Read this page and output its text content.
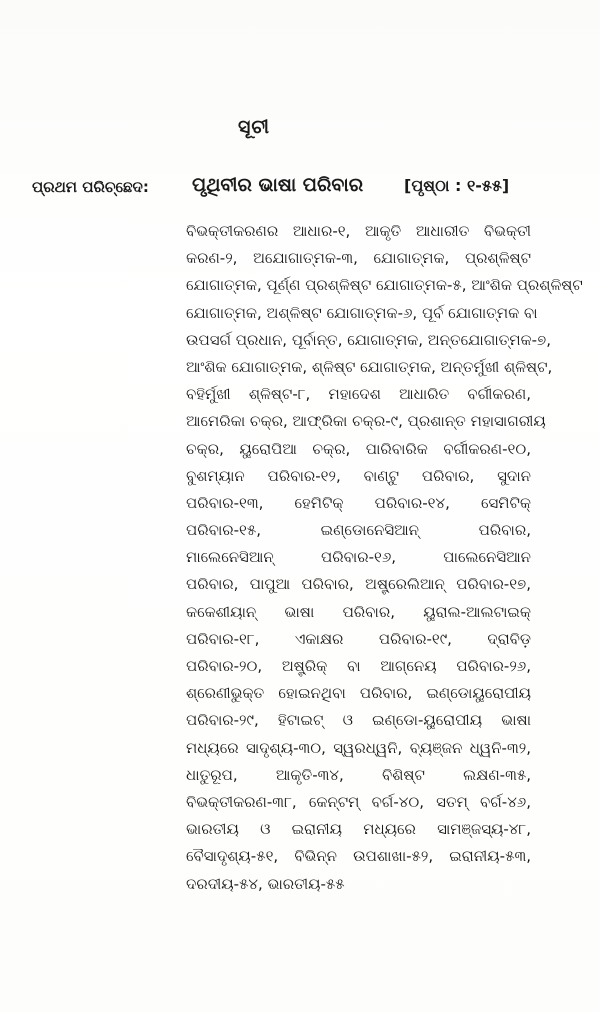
ସୂଚୀ
ପ୍ରଥମ ପରିଚ୍ଛେଦ: ପୃଥିବୀର ଭାଷା ପରିବାର	[ପୃଷ୍ଠା : ୧-୫୫]
ବିଭକ୍ତୀକରଣର ଆଧାର-୧, ଆକୃତି ଆଧାରୀତ ବିଭକ୍ତୀ
କରଣ-୨, ଅଯୋଗାତ୍ମକ-୩, ଯୋଗାତ୍ମକ, ପ୍ରଶ୍ଳିଷ୍ଟ
ଯୋଗାତ୍ମକ, ପୂର୍ଣ୍ଣ ପ୍ରଶ୍ଳିଷ୍ଟ ଯୋଗାତ୍ମକ-୫, ଆଂଶିକ ପ୍ରଶ୍ଳିଷ୍ଟ
ଯୋଗାତ୍ମକ, ଅଶ୍ଳିଷ୍ଟ ଯୋଗାତ୍ମକ-୬, ପୂର୍ବ ଯୋଗାତ୍ମକ ବା
ଉପସର୍ଗ ପ୍ରଧାନ, ପୂର୍ବାନ୍ତ, ଯୋଗାତ୍ମକ, ଅନ୍ତଯୋଗାତ୍ମକ-୭,
ଆଂଶିକ ଯୋଗାତ୍ମକ, ଶ୍ଳିଷ୍ଟ ଯୋଗାତ୍ମକ, ଅନ୍ତର୍ମୁଖୀ ଶ୍ଳିଷ୍ଟ,
ବହିର୍ମୁଖୀ ଶ୍ଳିଷ୍ଟ-୮, ମହାଦେଶ ଆଧାରିତ ବର୍ଗୀକରଣ,
ଆମେରିକା ଚକ୍ର, ଆଫ୍ରିକା ଚକ୍ର-୯, ପ୍ରଶାନ୍ତ ମହାସାଗରୀୟ
ଚକ୍ର, ୟୁରୋପିଆ ଚକ୍ର, ପାରିବାରିକ ବର୍ଗୀକରଣ-୧୦,
ବୁଶମ୍ୟାନ ପରିବାର-୧୨, ବାଣ୍ଟୁ ପରିବାର, ସୁଦାନ
ପରିବାର-୧୩, ହେମିଟିକ୍ ପରିବାର-୧୪, ସେମିଟିକ୍
ପରିବାର-୧୫, ଇଣ୍ଡୋନେସିଆନ୍ ପରିବାର,
ମାଲେନେସିଆନ୍ ପରିବାର-୧୬, ପାଲେନେସିଆନ
ପରିବାର, ପାପୁଆ ପରିବାର, ଅଷ୍ଟ୍ରେଲିଆନ୍ ପରିବାର-୧୭,
କକେଶୀୟାନ୍ ଭାଷା ପରିବାର, ୟୁରାଲ-ଆଲଟାଇକ୍
ପରିବାର-୧୮, ଏକାକ୍ଷର ପରିବାର-୧୯, ଦ୍ରାବିଡ଼
ପରିବାର-୨୦, ଅଷ୍ଟ୍ରିକ୍ ବା ଆଗ୍ନେୟ ପରିବାର-୨୬,
ଶ୍ରେଣୀଭୁକ୍ତ ହୋଇନଥିବା ପରିବାର, ଇଣ୍ଡୋୟୁରୋପୀୟ
ପରିବାର-୨୯, ହିଟାଇଟ୍ ଓ ଇଣ୍ଡୋ-ୟୁରୋପୀୟ ଭାଷା
ମଧ୍ୟରେ ସାଦୃଶ୍ୟ-୩୦, ସ୍ୱରଧ୍ୱନି, ବ୍ୟଞ୍ଜନ ଧ୍ୱନି-୩୨,
ଧାତୁରୂପ, ଆକୃତି-୩୪, ବିଶିଷ୍ଟ ଲକ୍ଷଣ-୩୫,
ବିଭକ୍ତୀକରଣ-୩୮, କେନ୍ଟମ୍ ବର୍ଗ-୪୦, ସତମ୍ ବର୍ଗ-୪୬,
ଭାରତୀୟ ଓ ଇରାନୀୟ ମଧ୍ୟରେ ସାମଞ୍ଜସ୍ୟ-୪୮,
ବୈସାଦୃଶ୍ୟ-୫୧, ବିଭିନ୍ନ ଉପଶାଖା-୫୨, ଇରାନୀୟ-୫୩,
ଦରଦୀୟ-୫୪, ଭାରତୀୟ-୫୫
